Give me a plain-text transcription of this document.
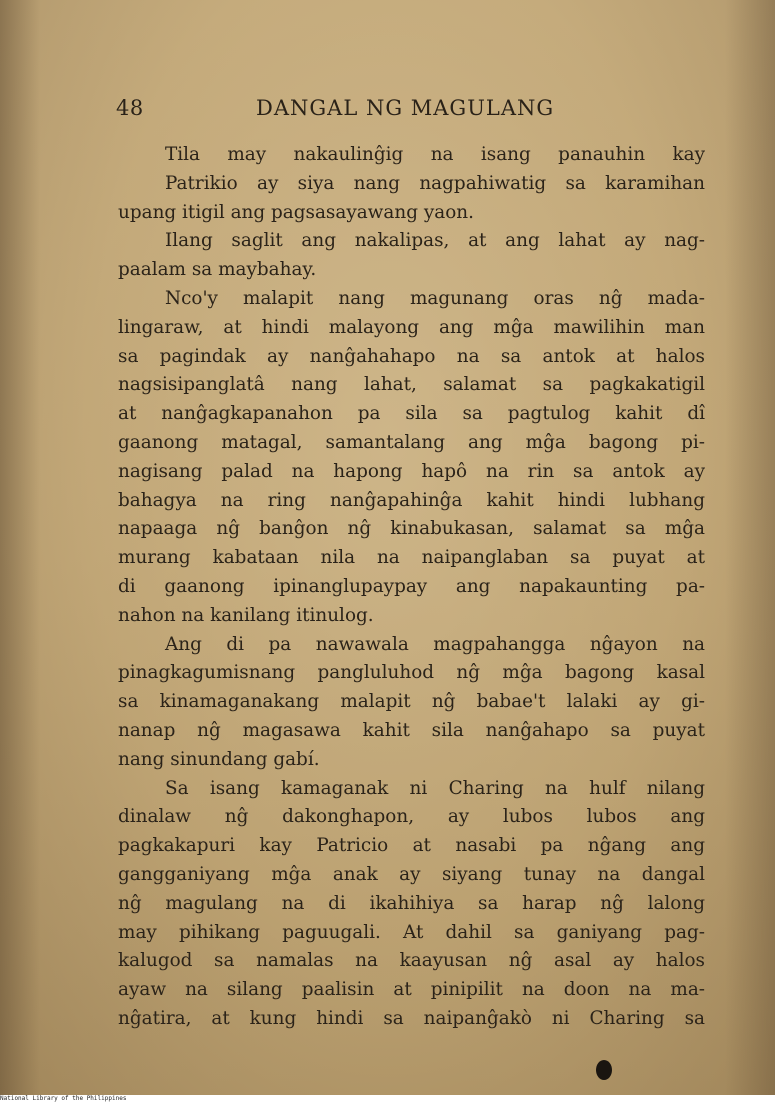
48	DANGAL NG MAGULANG

Tila may nakaulinĝig na isang panauhin kay
Patrikio ay siya nang nagpahiwatig sa karamihan

upang itigil ang pagsasayawang yaon.

Ilang saglit ang nakalipas, at ang lahat ay nag-

paalam sa maybahay.

Nco'y malapit nang magunang oras nĝ mada-

lingaraw, at hindi malayong ang mĝa mawilihin man
sa pagindak ay nanĝahahapo na sa antok at halos
nagsisipanglatâ nang lahat, salamat sa pagkakatigil
at nanĝagkapanahon pa sila sa pagtulog kahit dî
gaanong matagal, samantalang ang mĝa bagong pi-
nagisang palad na hapong hapô na rin sa antok ay
bahagya na ring nanĝapahinĝa kahit hindi lubhang
napaaga nĝ banĝon nĝ kinabukasan, salamat sa mĝa
murang kabataan nila na naipanglaban sa puyat at
di gaanong ipinanglupaypay ang napakaunting pa-

nahon na kanilang itinulog.

Ang di pa nawawala magpahangga nĝayon na

pinagkagumisnang pangluluhod nĝ mĝa bagong kasal
sa kinamaganakang malapit nĝ babae't lalaki ay gi-
nanap nĝ magasawa kahit sila nanĝahapo sa puyat

nang sinundang gabí.

Sa isang kamaganak ni Charing na hulf nilang

dinalaw nĝ dakonghapon, ay lubos lubos ang
pagkakapuri kay Patricio at nasabi pa nĝang ang
gangganiyang mĝa anak ay siyang tunay na dangal
nĝ magulang na di ikahihiya sa harap nĝ lalong
may pihikang paguugali. At dahil sa ganiyang pag-
kalugod sa namalas na kaayusan nĝ asal ay halos
ayaw na silang paalisin at pinipilit na doon na ma-
nĝatira, at kung hindi sa naipanĝakò ni Charing sa

National Library of the Philippines
